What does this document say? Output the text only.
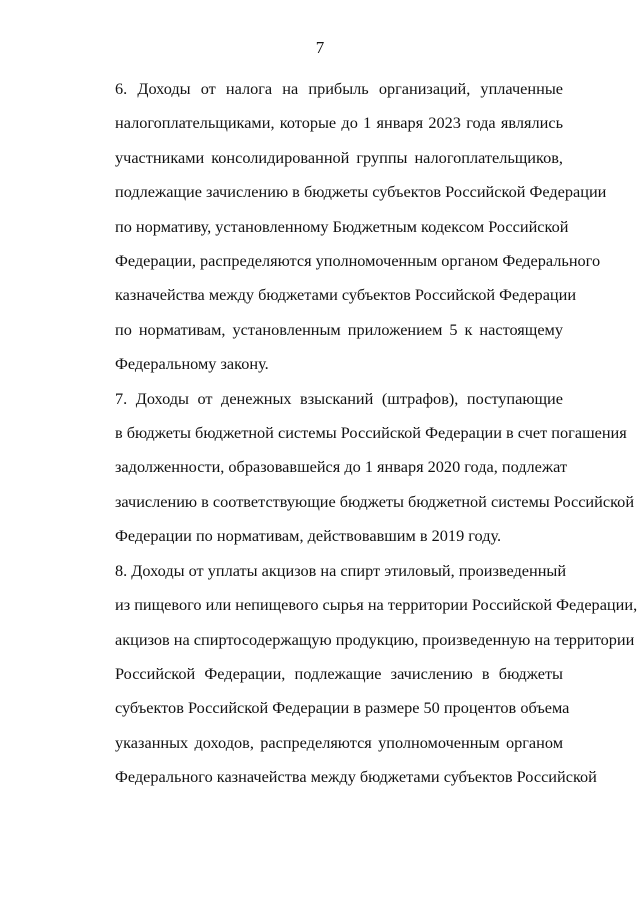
7
6. Доходы от налога на прибыль организаций, уплаченные
налогоплательщиками, которые до 1 января 2023 года являлись
участниками консолидированной группы налогоплательщиков,
подлежащие зачислению в бюджеты субъектов Российской Федерации
по нормативу, установленному Бюджетным кодексом Российской
Федерации, распределяются уполномоченным органом Федерального
казначейства между бюджетами субъектов Российской Федерации
по нормативам, установленным приложением 5 к настоящему
Федеральному закону.
7. Доходы от денежных взысканий (штрафов), поступающие
в бюджеты бюджетной системы Российской Федерации в счет погашения
задолженности, образовавшейся до 1 января 2020 года, подлежат
зачислению в соответствующие бюджеты бюджетной системы Российской
Федерации по нормативам, действовавшим в 2019 году.
8. Доходы от уплаты акцизов на спирт этиловый, произведенный
из пищевого или непищевого сырья на территории Российской Федерации,
акцизов на спиртосодержащую продукцию, произведенную на территории
Российской Федерации, подлежащие зачислению в бюджеты
субъектов Российской Федерации в размере 50 процентов объема
указанных доходов, распределяются уполномоченным органом
Федерального казначейства между бюджетами субъектов Российской
